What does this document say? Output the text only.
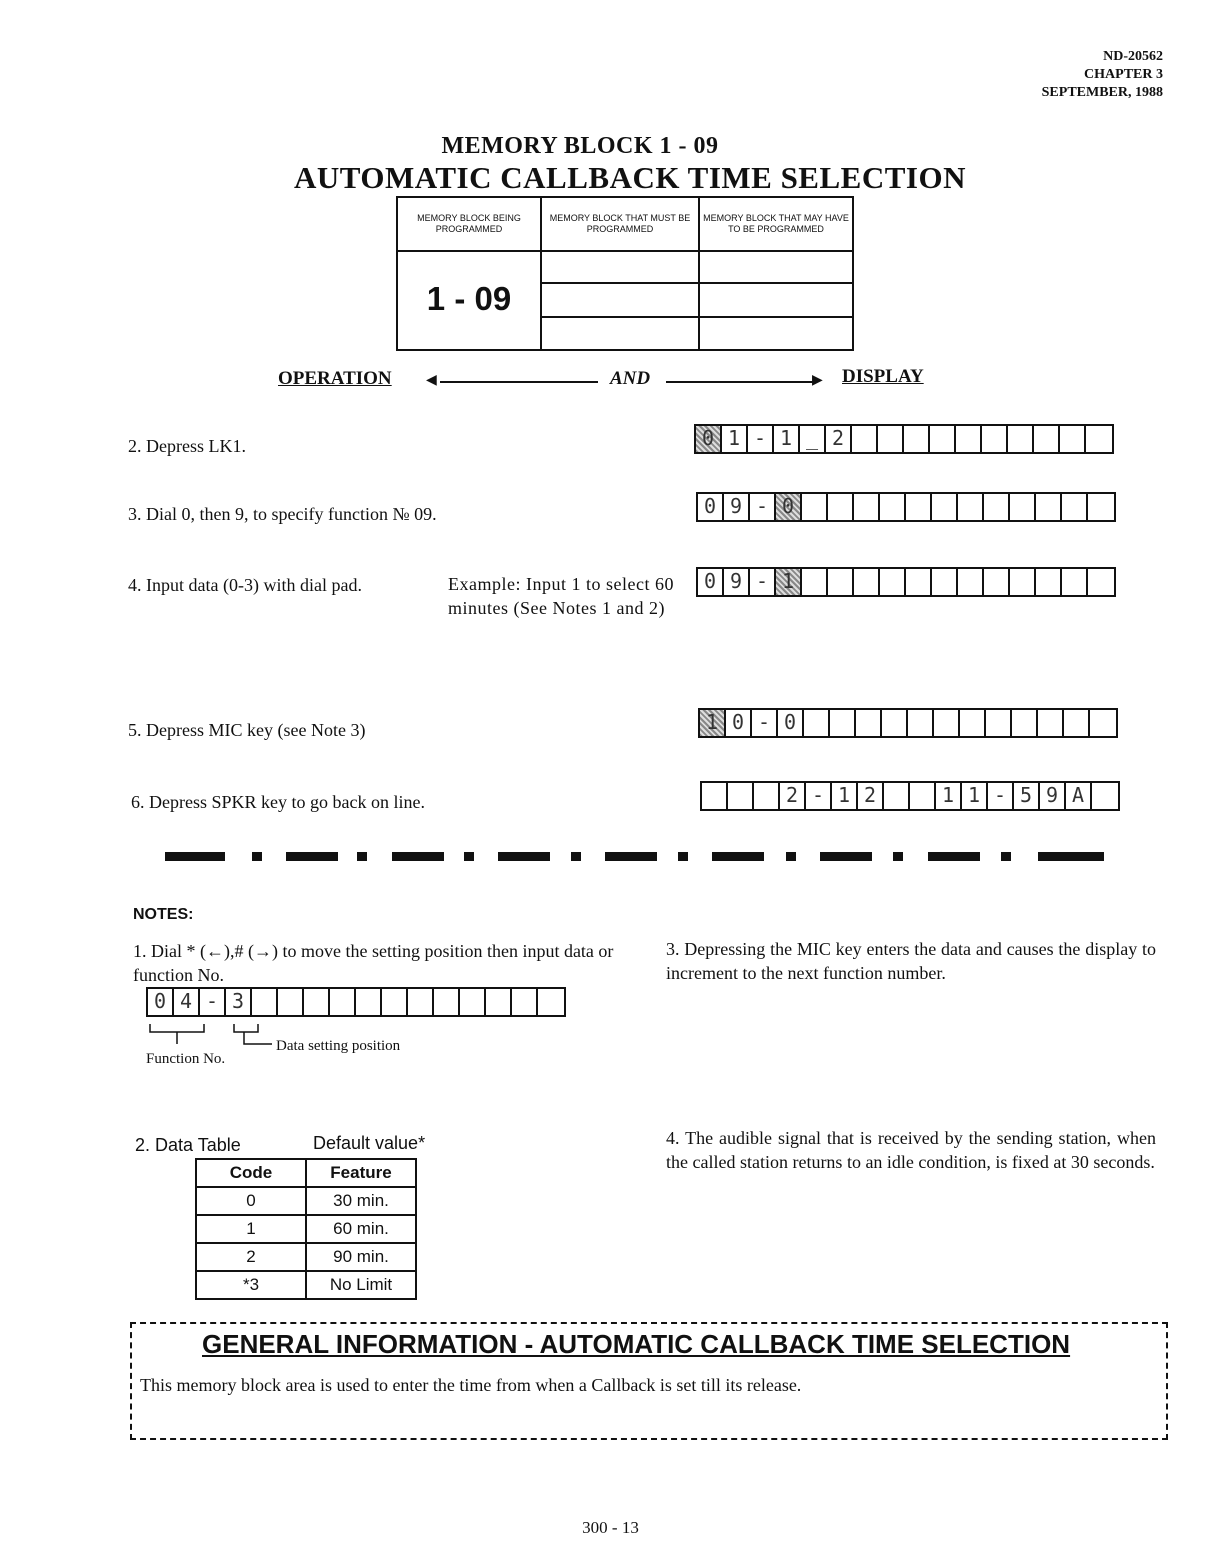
ND-20562
CHAPTER 3
SEPTEMBER, 1988
MEMORY BLOCK 1 - 09
AUTOMATIC CALLBACK TIME SELECTION
MEMORY BLOCK BEING PROGRAMMED
MEMORY BLOCK THAT MUST BE PROGRAMMED
MEMORY BLOCK THAT MAY HAVE TO BE PROGRAMMED
1 - 09
OPERATION ◀	AND	▶ DISPLAY
2. Depress LK1.	0 1 - 1 _ 2
3. Dial 0, then 9, to specify function № 09.	0 9 - 0
4. Input data (0-3) with dial pad.	Example: Input 1 to select 60 minutes (See Notes 1 and 2)
0 9 - 1
5. Depress MIC key (see Note 3)	1 0 - 0
6. Depress SPKR key to go back on line.	2 - 1 2	1 1 - 5 9 A
NOTES:
1. Dial * (←),# (→) to move the setting position then input data or function No.
0 4 - 3
Function No.
Data setting position
3. Depressing the MIC key enters the data and causes the display to increment to the next function number.
2. Data Table	Default value*
Code	Feature
0	30 min.
1	60 min.
2	90 min.
*3	No Limit
4. The audible signal that is received by the sending station, when the called station returns to an idle condition, is fixed at 30 seconds.
GENERAL INFORMATION - AUTOMATIC CALLBACK TIME SELECTION
This memory block area is used to enter the time from when a Callback is set till its release.
300 - 13
